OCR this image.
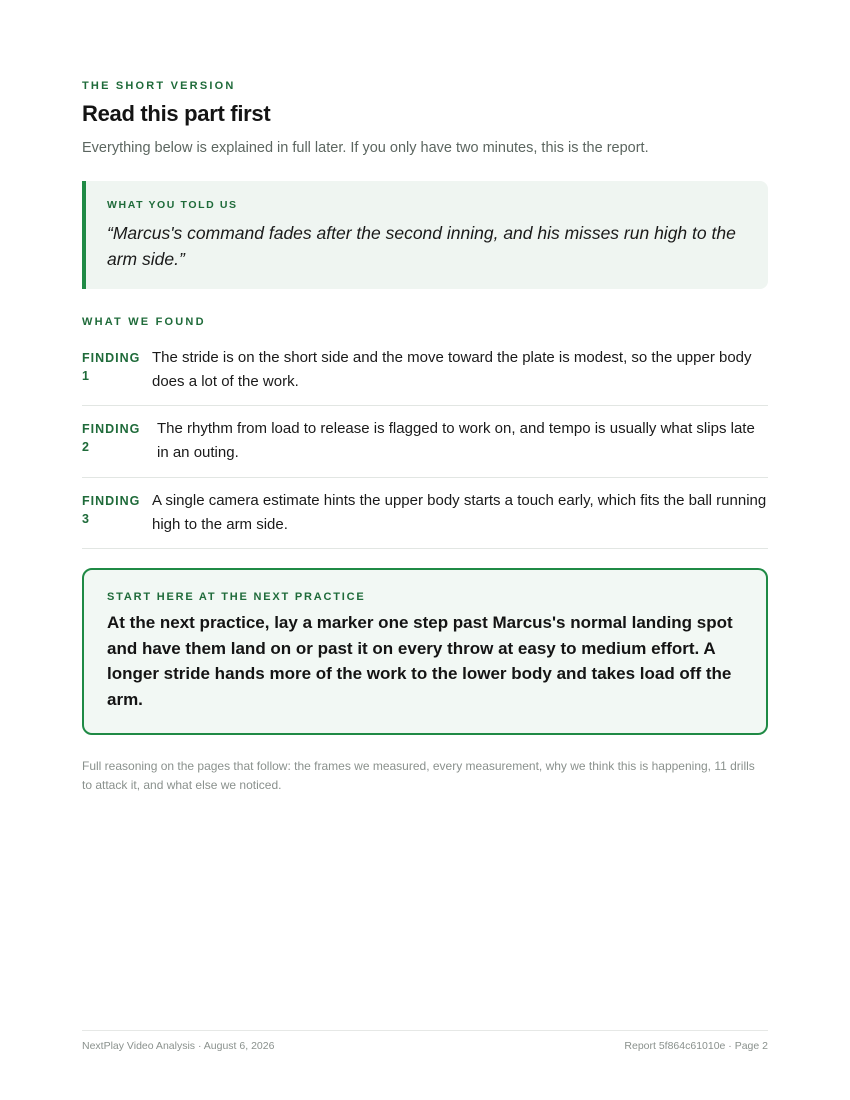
THE SHORT VERSION

Read this part first

Everything below is explained in full later. If you only have two minutes, this is the report.

WHAT YOU TOLD US

“Marcus's command fades after the second inning, and his misses run high to the arm side.”

WHAT WE FOUND

FINDING
1

The stride is on the short side and the move toward the plate is modest, so the upper body does a lot of the work.

FINDING
2

The rhythm from load to release is flagged to work on, and tempo is usually what slips late in an outing.

FINDING
3

A single camera estimate hints the upper body starts a touch early, which fits the ball running high to the arm side.

START HERE AT THE NEXT PRACTICE

At the next practice, lay a marker one step past Marcus's normal landing spot and have them land on or past it on every throw at easy to medium effort. A longer stride hands more of the work to the lower body and takes load off the arm.

Full reasoning on the pages that follow: the frames we measured, every measurement, why we think this is happening, 11 drills to attack it, and what else we noticed.

NextPlay Video Analysis · August 6, 2026	Report 5f864c61010e · Page 2
